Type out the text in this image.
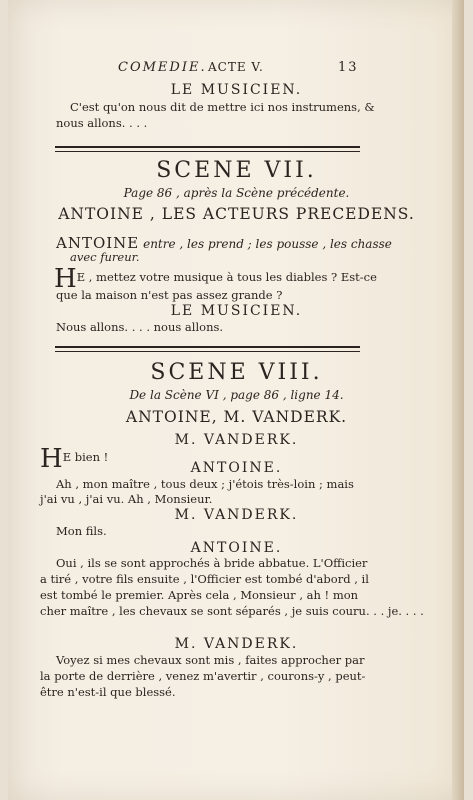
COMEDIE. ACTE V.	13
LE MUSICIEN.
C'est qu'on nous dit de mettre ici nos instrumens, &
nous allons. . . .
SCENE VII.
Page 86 , après la Scène précédente.
ANTOINE , LES ACTEURS PRECEDENS.
ANTOINE entre , les prend ; les pousse , les chasse
avec fureur.
HE , mettez votre musique à tous les diables ? Est-ce
que la maison n'est pas assez grande ?
LE MUSICIEN.
Nous allons. . . . nous allons.
SCENE VIII.
De la Scène VI , page 86 , ligne 14.
ANTOINE, M. VANDERK.
M. VANDERK.
HE bien !
ANTOINE.
Ah , mon maître , tous deux ; j'étois très-loin ; mais
j'ai vu , j'ai vu. Ah , Monsieur.
M. VANDERK.
Mon fils.
ANTOINE.
Oui , ils se sont approchés à bride abbatue. L'Officier
a tiré , votre fils ensuite , l'Officier est tombé d'abord , il
est tombé le premier. Après cela , Monsieur , ah ! mon
cher maître , les chevaux se sont séparés , je suis couru. . . je. . . .
M. VANDERK.
Voyez si mes chevaux sont mis , faites approcher par
la porte de derrière , venez m'avertir , courons-y , peut-
être n'est-il que blessé.
